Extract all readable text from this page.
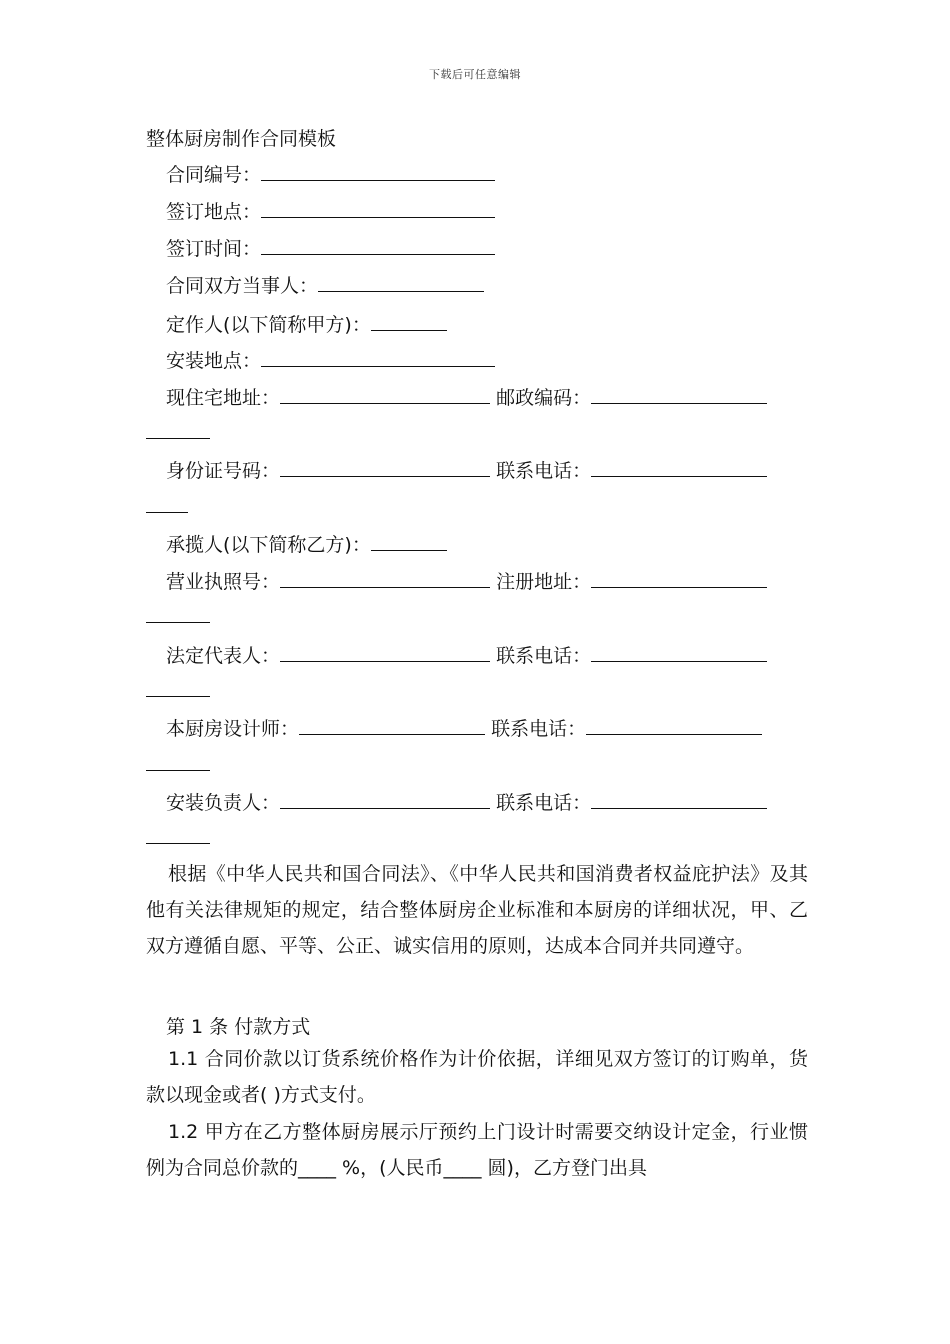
下载后可任意编辑
整体厨房制作合同模板
合同编号：
签订地点：
签订时间：
合同双方当事人：
定作人(以下简称甲方)：
安装地点：
现住宅地址：	邮政编码：
身份证号码：	联系电话：
承揽人(以下简称乙方)：
营业执照号：	注册地址：
法定代表人：	联系电话：
本厨房设计师：	联系电话：
安装负责人：	联系电话：
根据《中华人民共和国合同法》、《中华人民共和国消费者权益庇护法》及其他有关法律规矩的规定，结合整体厨房企业标准和本厨房的详细状况，甲、乙双方遵循自愿、平等、公正、诚实信用的原则，达成本合同并共同遵守。
第 1 条 付款方式
1.1 合同价款以订货系统价格作为计价依据，详细见双方签订的订购单，货款以现金或者( )方式支付。
1.2 甲方在乙方整体厨房展示厅预约上门设计时需要交纳设计定金，行业惯例为合同总价款的____ %，(人民币____ 圆)，乙方登门出具
